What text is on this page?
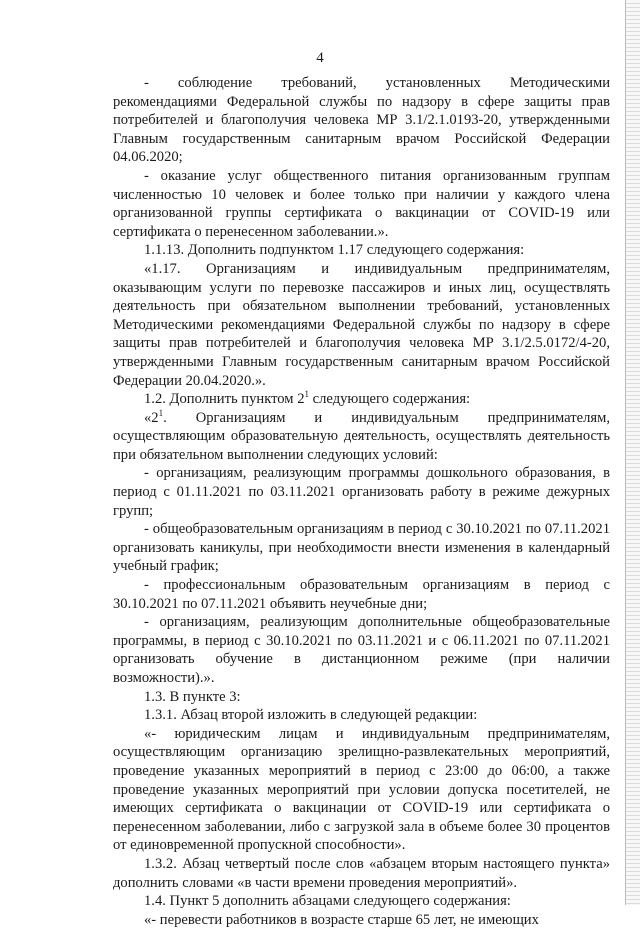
4

- соблюдение требований, установленных Методическими рекомендациями Федеральной службы по надзору в сфере защиты прав потребителей и благополучия человека МР 3.1/2.1.0193-20, утвержденными Главным государственным санитарным врачом Российской Федерации 04.06.2020;

- оказание услуг общественного питания организованным группам численностью 10 человек и более только при наличии у каждого члена организованной группы сертификата о вакцинации от COVID-19 или сертификата о перенесенном заболевании.».

1.1.13. Дополнить подпунктом 1.17 следующего содержания:

«1.17. Организациям и индивидуальным предпринимателям, оказывающим услуги по перевозке пассажиров и иных лиц, осуществлять деятельность при обязательном выполнении требований, установленных Методическими рекомендациями Федеральной службы по надзору в сфере защиты прав потребителей и благополучия человека МР 3.1/2.5.0172/4-20, утвержденными Главным государственным санитарным врачом Российской Федерации 20.04.2020.».

1.2. Дополнить пунктом $2^1$ следующего содержания:

«$2^1$. Организациям и индивидуальным предпринимателям, осуществляющим образовательную деятельность, осуществлять деятельность при обязательном выполнении следующих условий:

- организациям, реализующим программы дошкольного образования, в период с 01.11.2021 по 03.11.2021 организовать работу в режиме дежурных групп;

- общеобразовательным организациям в период с 30.10.2021 по 07.11.2021 организовать каникулы, при необходимости внести изменения в календарный учебный график;

- профессиональным образовательным организациям в период с 30.10.2021 по 07.11.2021 объявить неучебные дни;

- организациям, реализующим дополнительные общеобразовательные программы, в период с 30.10.2021 по 03.11.2021 и с 06.11.2021 по 07.11.2021 организовать обучение в дистанционном режиме (при наличии возможности).».

1.3. В пункте 3:

1.3.1. Абзац второй изложить в следующей редакции:

«- юридическим лицам и индивидуальным предпринимателям, осуществляющим организацию зрелищно-развлекательных мероприятий, проведение указанных мероприятий в период с 23:00 до 06:00, а также проведение указанных мероприятий при условии допуска посетителей, не имеющих сертификата о вакцинации от COVID-19 или сертификата о перенесенном заболевании, либо с загрузкой зала в объеме более 30 процентов от единовременной пропускной способности».

1.3.2. Абзац четвертый после слов «абзацем вторым настоящего пункта» дополнить словами «в части времени проведения мероприятий».

1.4. Пункт 5 дополнить абзацами следующего содержания:

«- перевести работников в возрасте старше 65 лет, не имеющих
